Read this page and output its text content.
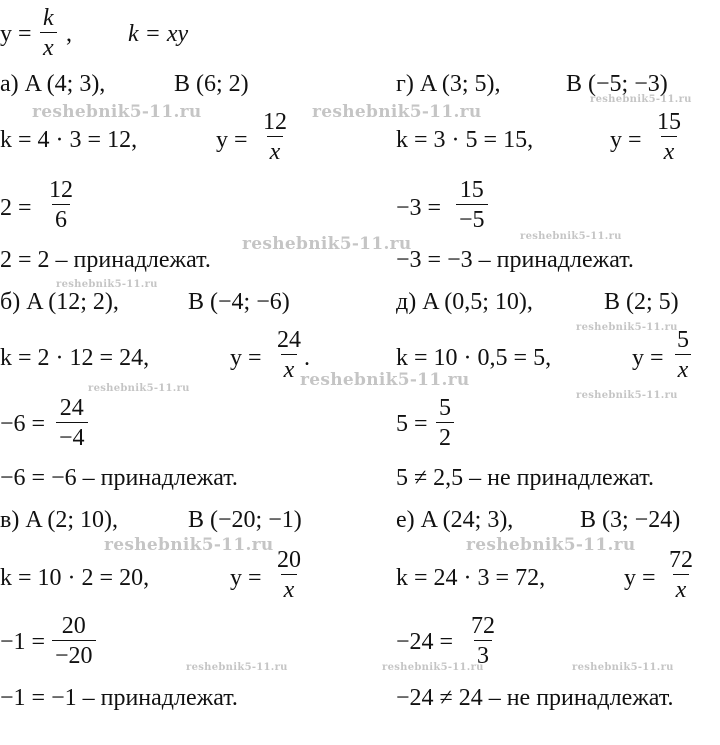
$y = \frac{k}{x}$ , k = xy
а) A (4; 3),	B (6; 2)
k = 4 · 3 = 12,	$y = \frac{12}{x}$
$2 = \frac{12}{6}$
2 = 2 – принадлежат.
б) A (12; 2),	B (−4; −6)
k = 2 · 12 = 24,	$y = \frac{24}{x}$ .
$-6 = \frac{24}{-4}$
−6 = −6 – принадлежат.
в) A (2; 10),	B (−20; −1)
k = 10 · 2 = 20,	$y = \frac{20}{x}$
$-1 = \frac{20}{-20}$
−1 = −1 – принадлежат.
г) A (3; 5),	B (−5; −3)
k = 3 · 5 = 15,	$y = \frac{15}{x}$
$-3 = \frac{15}{-5}$
−3 = −3 – принадлежат.
д) A (0,5; 10),	B (2; 5)
k = 10 · 0,5 = 5,	$y = \frac{5}{x}$
$5 = \frac{5}{2}$
5 ≠ 2,5 – не принадлежат.
е) A (24; 3),	B (3; −24)
k = 24 · 3 = 72,	$y = \frac{72}{x}$
$-24 = \frac{72}{3}$
−24 ≠ 24 – не принадлежат.
reshebnik5-11.ru	reshebnik5-11.ru
reshebnik5-11.ru
reshebnik5-11.ru	reshebnik5-11.ru
reshebnik5-11.ru
reshebnik5-11.ru
reshebnik5-11.ru
reshebnik5-11.ru
reshebnik5-11.ru
reshebnik5-11.ru	reshebnik5-11.ru
reshebnik5-11.ru	reshebnik5-11.ru	reshebnik5-11.ru
